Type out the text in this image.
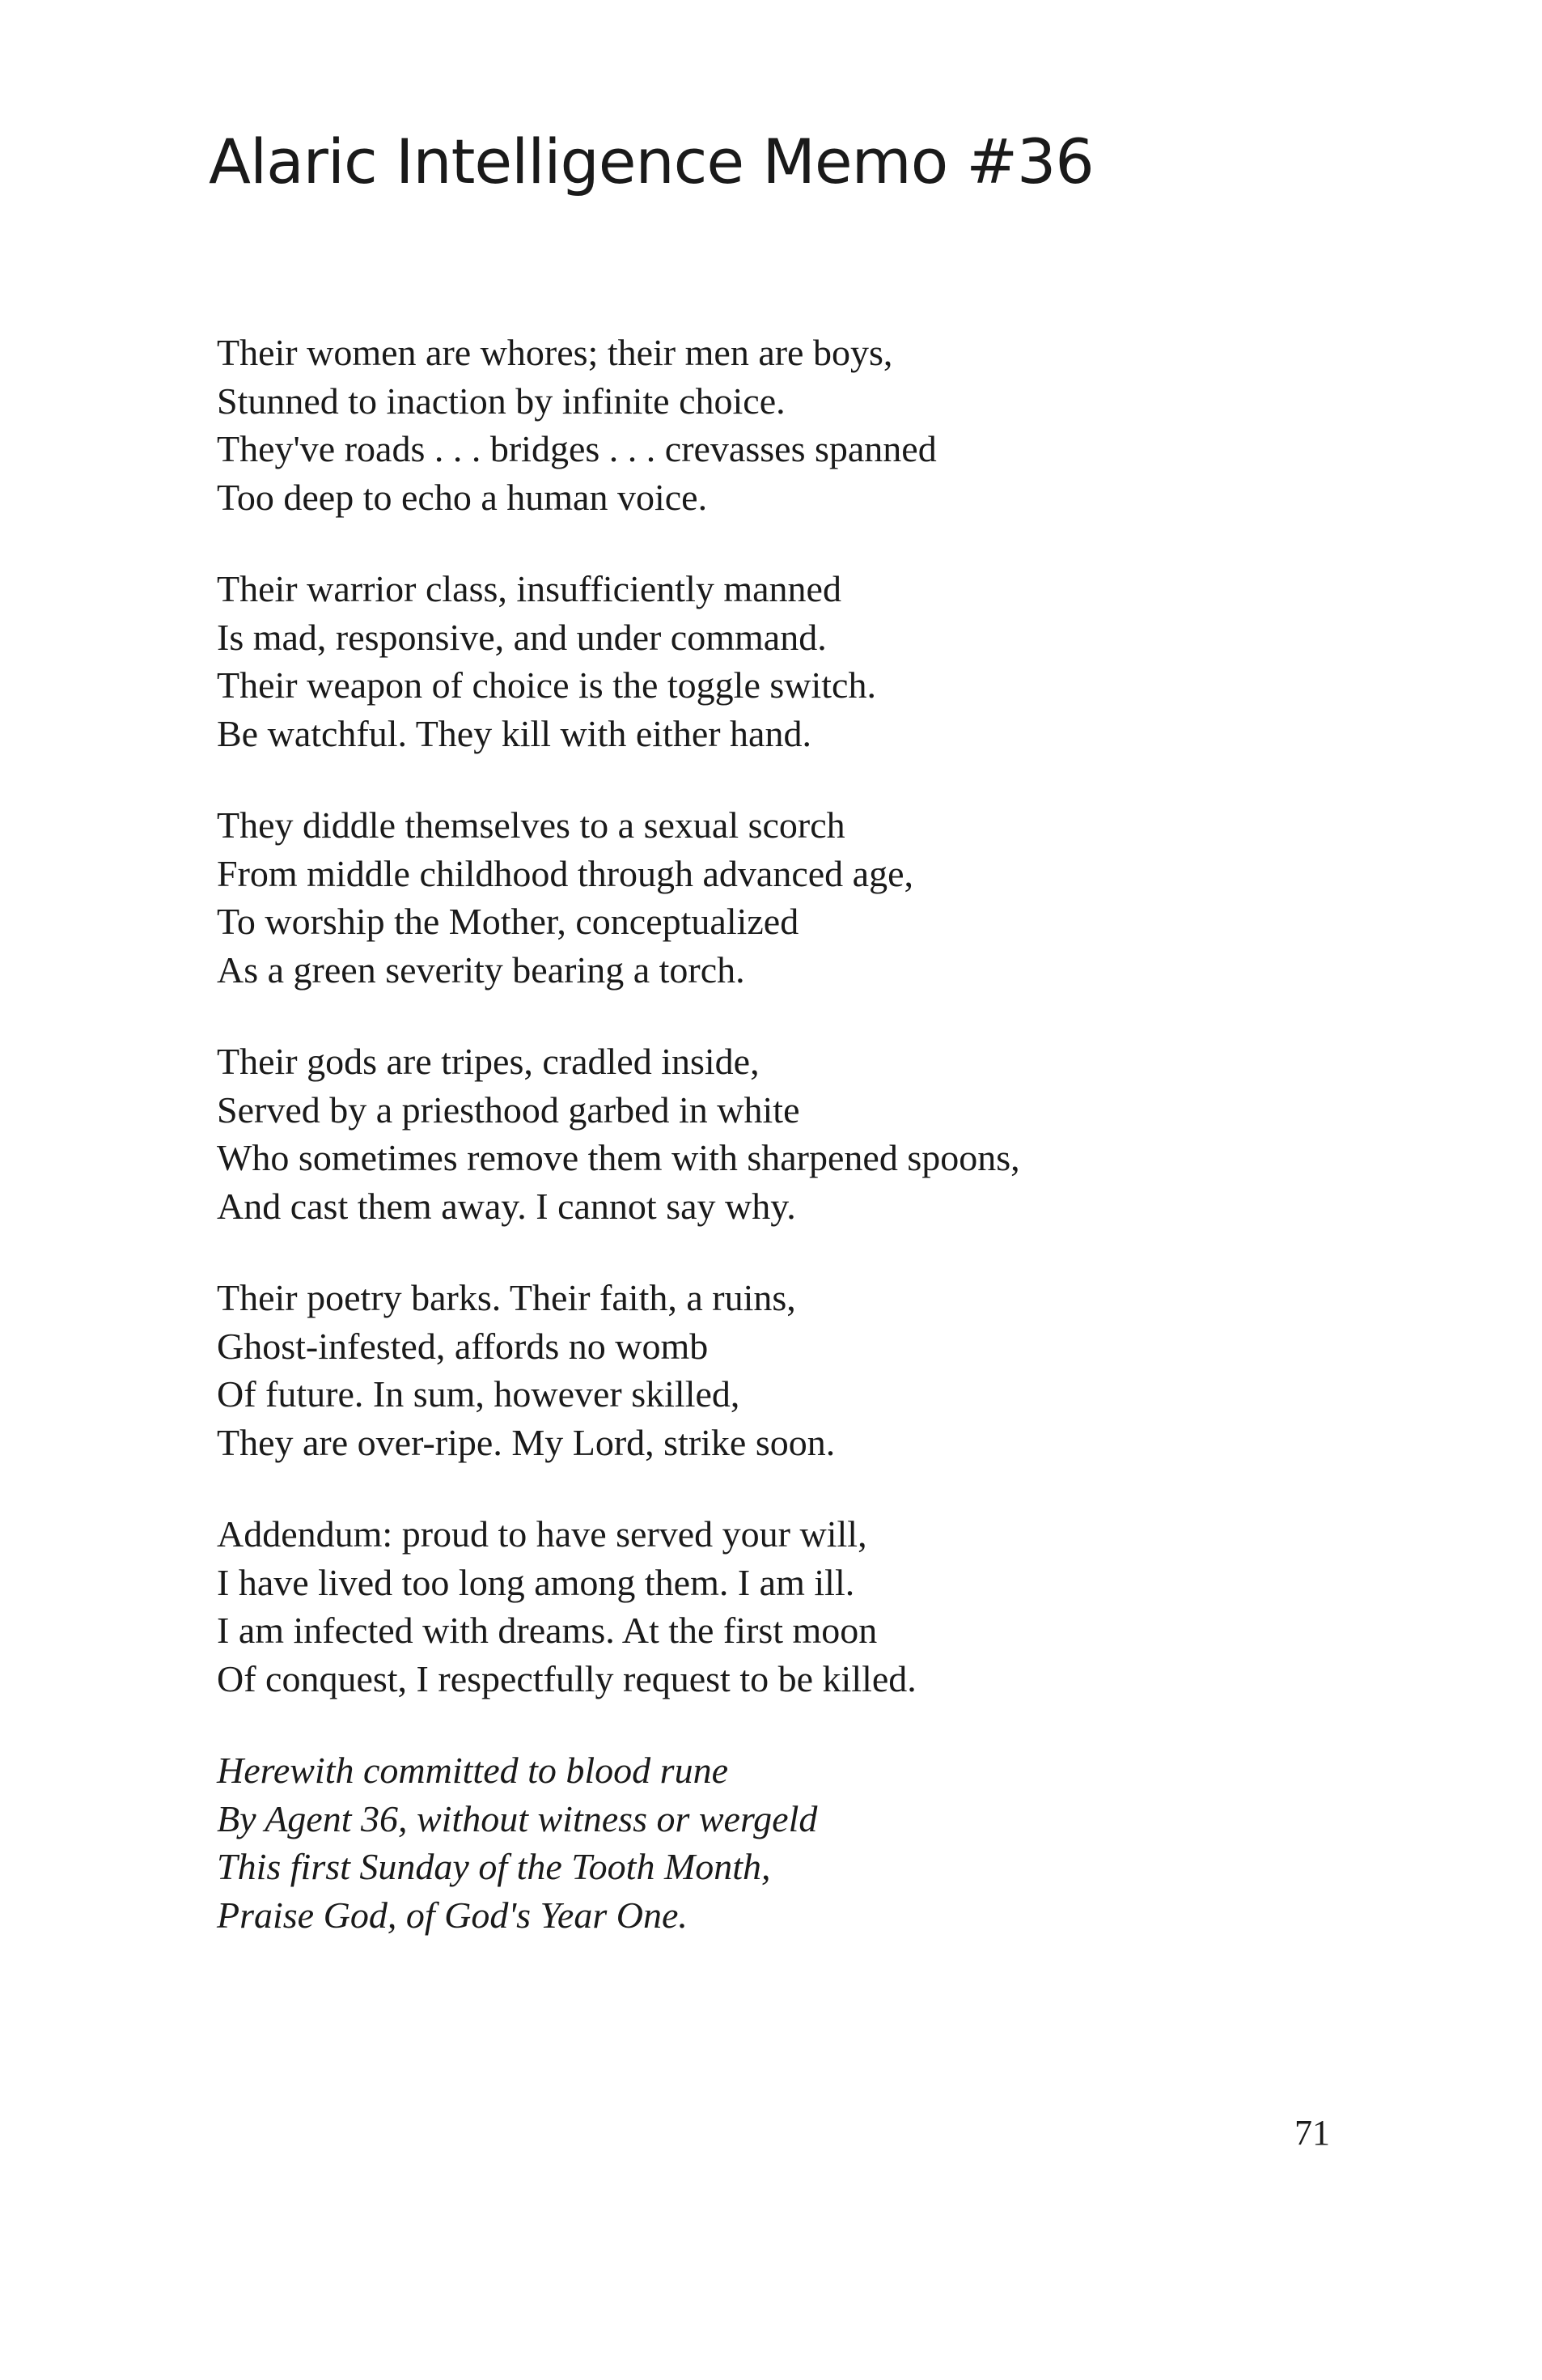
Alaric Intelligence Memo #36
Their women are whores; their men are boys,
Stunned to inaction by infinite choice.
They've roads . . . bridges . . . crevasses spanned
Too deep to echo a human voice.
Their warrior class, insufficiently manned
Is mad, responsive, and under command.
Their weapon of choice is the toggle switch.
Be watchful. They kill with either hand.
They diddle themselves to a sexual scorch
From middle childhood through advanced age,
To worship the Mother, conceptualized
As a green severity bearing a torch.
Their gods are tripes, cradled inside,
Served by a priesthood garbed in white
Who sometimes remove them with sharpened spoons,
And cast them away. I cannot say why.
Their poetry barks. Their faith, a ruins,
Ghost-infested, affords no womb
Of future. In sum, however skilled,
They are over-ripe. My Lord, strike soon.
Addendum: proud to have served your will,
I have lived too long among them. I am ill.
I am infected with dreams. At the first moon
Of conquest, I respectfully request to be killed.
Herewith committed to blood rune
By Agent 36, without witness or wergeld
This first Sunday of the Tooth Month,
Praise God, of God's Year One.
71
